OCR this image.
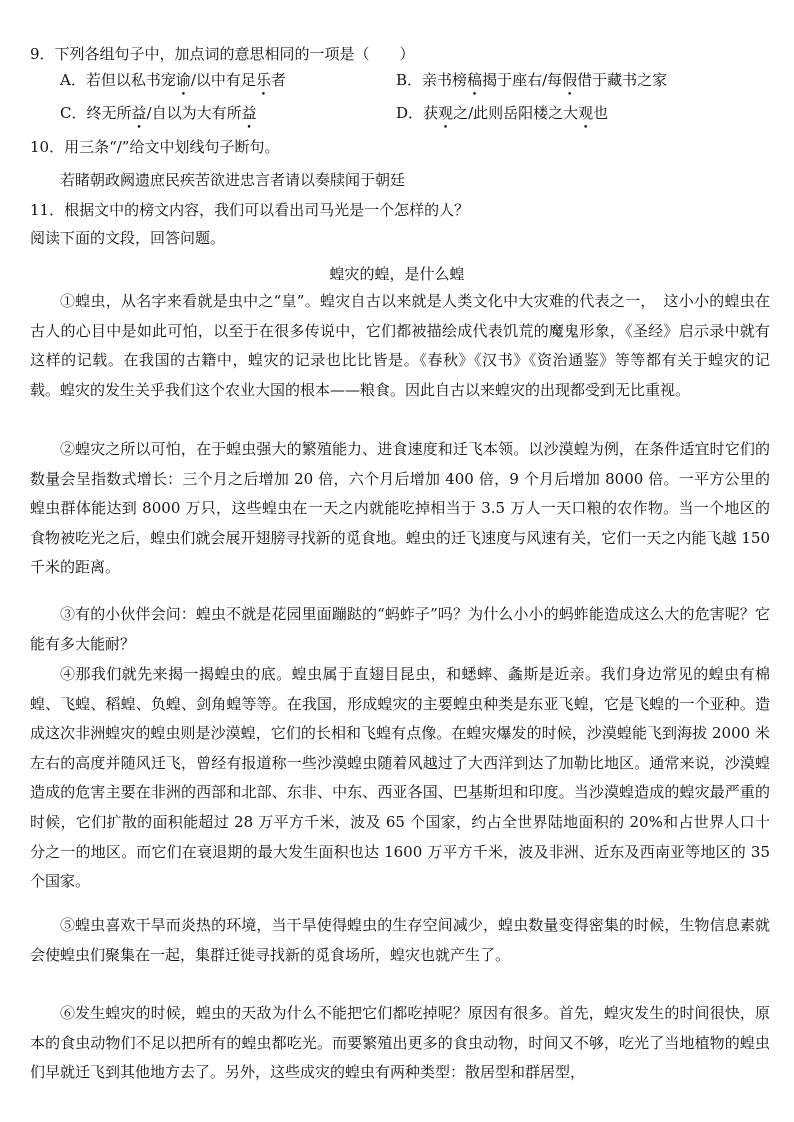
9．下列各组句子中，加点词的意思相同的一项是（　　）
A．若但以私书宠谕/以中有足乐者	B．亲书榜稿揭于座右/每假借于藏书之家
C．终无所益/自以为大有所益	D．获观之/此则岳阳楼之大观也
10．用三条“/”给文中划线句子断句。
若睹朝政阙遗庶民疾苦欲进忠言者请以奏牍闻于朝廷
11．根据文中的榜文内容，我们可以看出司马光是一个怎样的人？
阅读下面的文段，回答问题。
蝗灾的蝗，是什么蝗

①蝗虫，从名字来看就是虫中之“皇”。蝗灾自古以来就是人类文化中大灾难的代表之一，　这小小的蝗虫在古人的心目中是如此可怕，以至于在很多传说中，它们都被描绘成代表饥荒的魔鬼形象，《圣经》启示录中就有这样的记载。在我国的古籍中，蝗灾的记录也比比皆是。《春秋》《汉书》《资治通鉴》等等都有关于蝗灾的记载。蝗灾的发生关乎我们这个农业大国的根本——粮食。因此自古以来蝗灾的出现都受到无比重视。

②蝗灾之所以可怕，在于蝗虫强大的繁殖能力、进食速度和迁飞本领。以沙漠蝗为例，在条件适宜时它们的数量会呈指数式增长：三个月之后增加 20 倍，六个月后增加 400 倍，9 个月后增加 8000 倍。一平方公里的蝗虫群体能达到 8000 万只，这些蝗虫在一天之内就能吃掉相当于 3.5 万人一天口粮的农作物。当一个地区的食物被吃光之后，蝗虫们就会展开翅膀寻找新的觅食地。蝗虫的迁飞速度与风速有关，它们一天之内能飞越 150 千米的距离。

③有的小伙伴会问：蝗虫不就是花园里面蹦跶的“蚂蚱子”吗？为什么小小的蚂蚱能造成这么大的危害呢？它能有多大能耐？

④那我们就先来揭一揭蝗虫的底。蝗虫属于直翅目昆虫，和蟋蟀、螽斯是近亲。我们身边常见的蝗虫有棉蝗、飞蝗、稻蝗、负蝗、剑角蝗等等。在我国，形成蝗灾的主要蝗虫种类是东亚飞蝗，它是飞蝗的一个亚种。造成这次非洲蝗灾的蝗虫则是沙漠蝗，它们的长相和飞蝗有点像。在蝗灾爆发的时候，沙漠蝗能飞到海拔 2000 米左右的高度并随风迁飞，曾经有报道称一些沙漠蝗虫随着风越过了大西洋到达了加勒比地区。通常来说，沙漠蝗造成的危害主要在非洲的西部和北部、东非、中东、西亚各国、巴基斯坦和印度。当沙漠蝗造成的蝗灾最严重的时候，它们扩散的面积能超过 28 万平方千米，波及 65 个国家，约占全世界陆地面积的 20%和占世界人口十分之一的地区。而它们在衰退期的最大发生面积也达 1600 万平方千米，波及非洲、近东及西南亚等地区的 35 个国家。

⑤蝗虫喜欢干旱而炎热的环境，当干旱使得蝗虫的生存空间减少，蝗虫数量变得密集的时候，生物信息素就会使蝗虫们聚集在一起，集群迁徙寻找新的觅食场所，蝗灾也就产生了。

⑥发生蝗灾的时候，蝗虫的天敌为什么不能把它们都吃掉呢？原因有很多。首先，蝗灾发生的时间很快，原本的食虫动物们不足以把所有的蝗虫都吃光。而要繁殖出更多的食虫动物，时间又不够，吃光了当地植物的蝗虫们早就迁飞到其他地方去了。另外，这些成灾的蝗虫有两种类型：散居型和群居型，
